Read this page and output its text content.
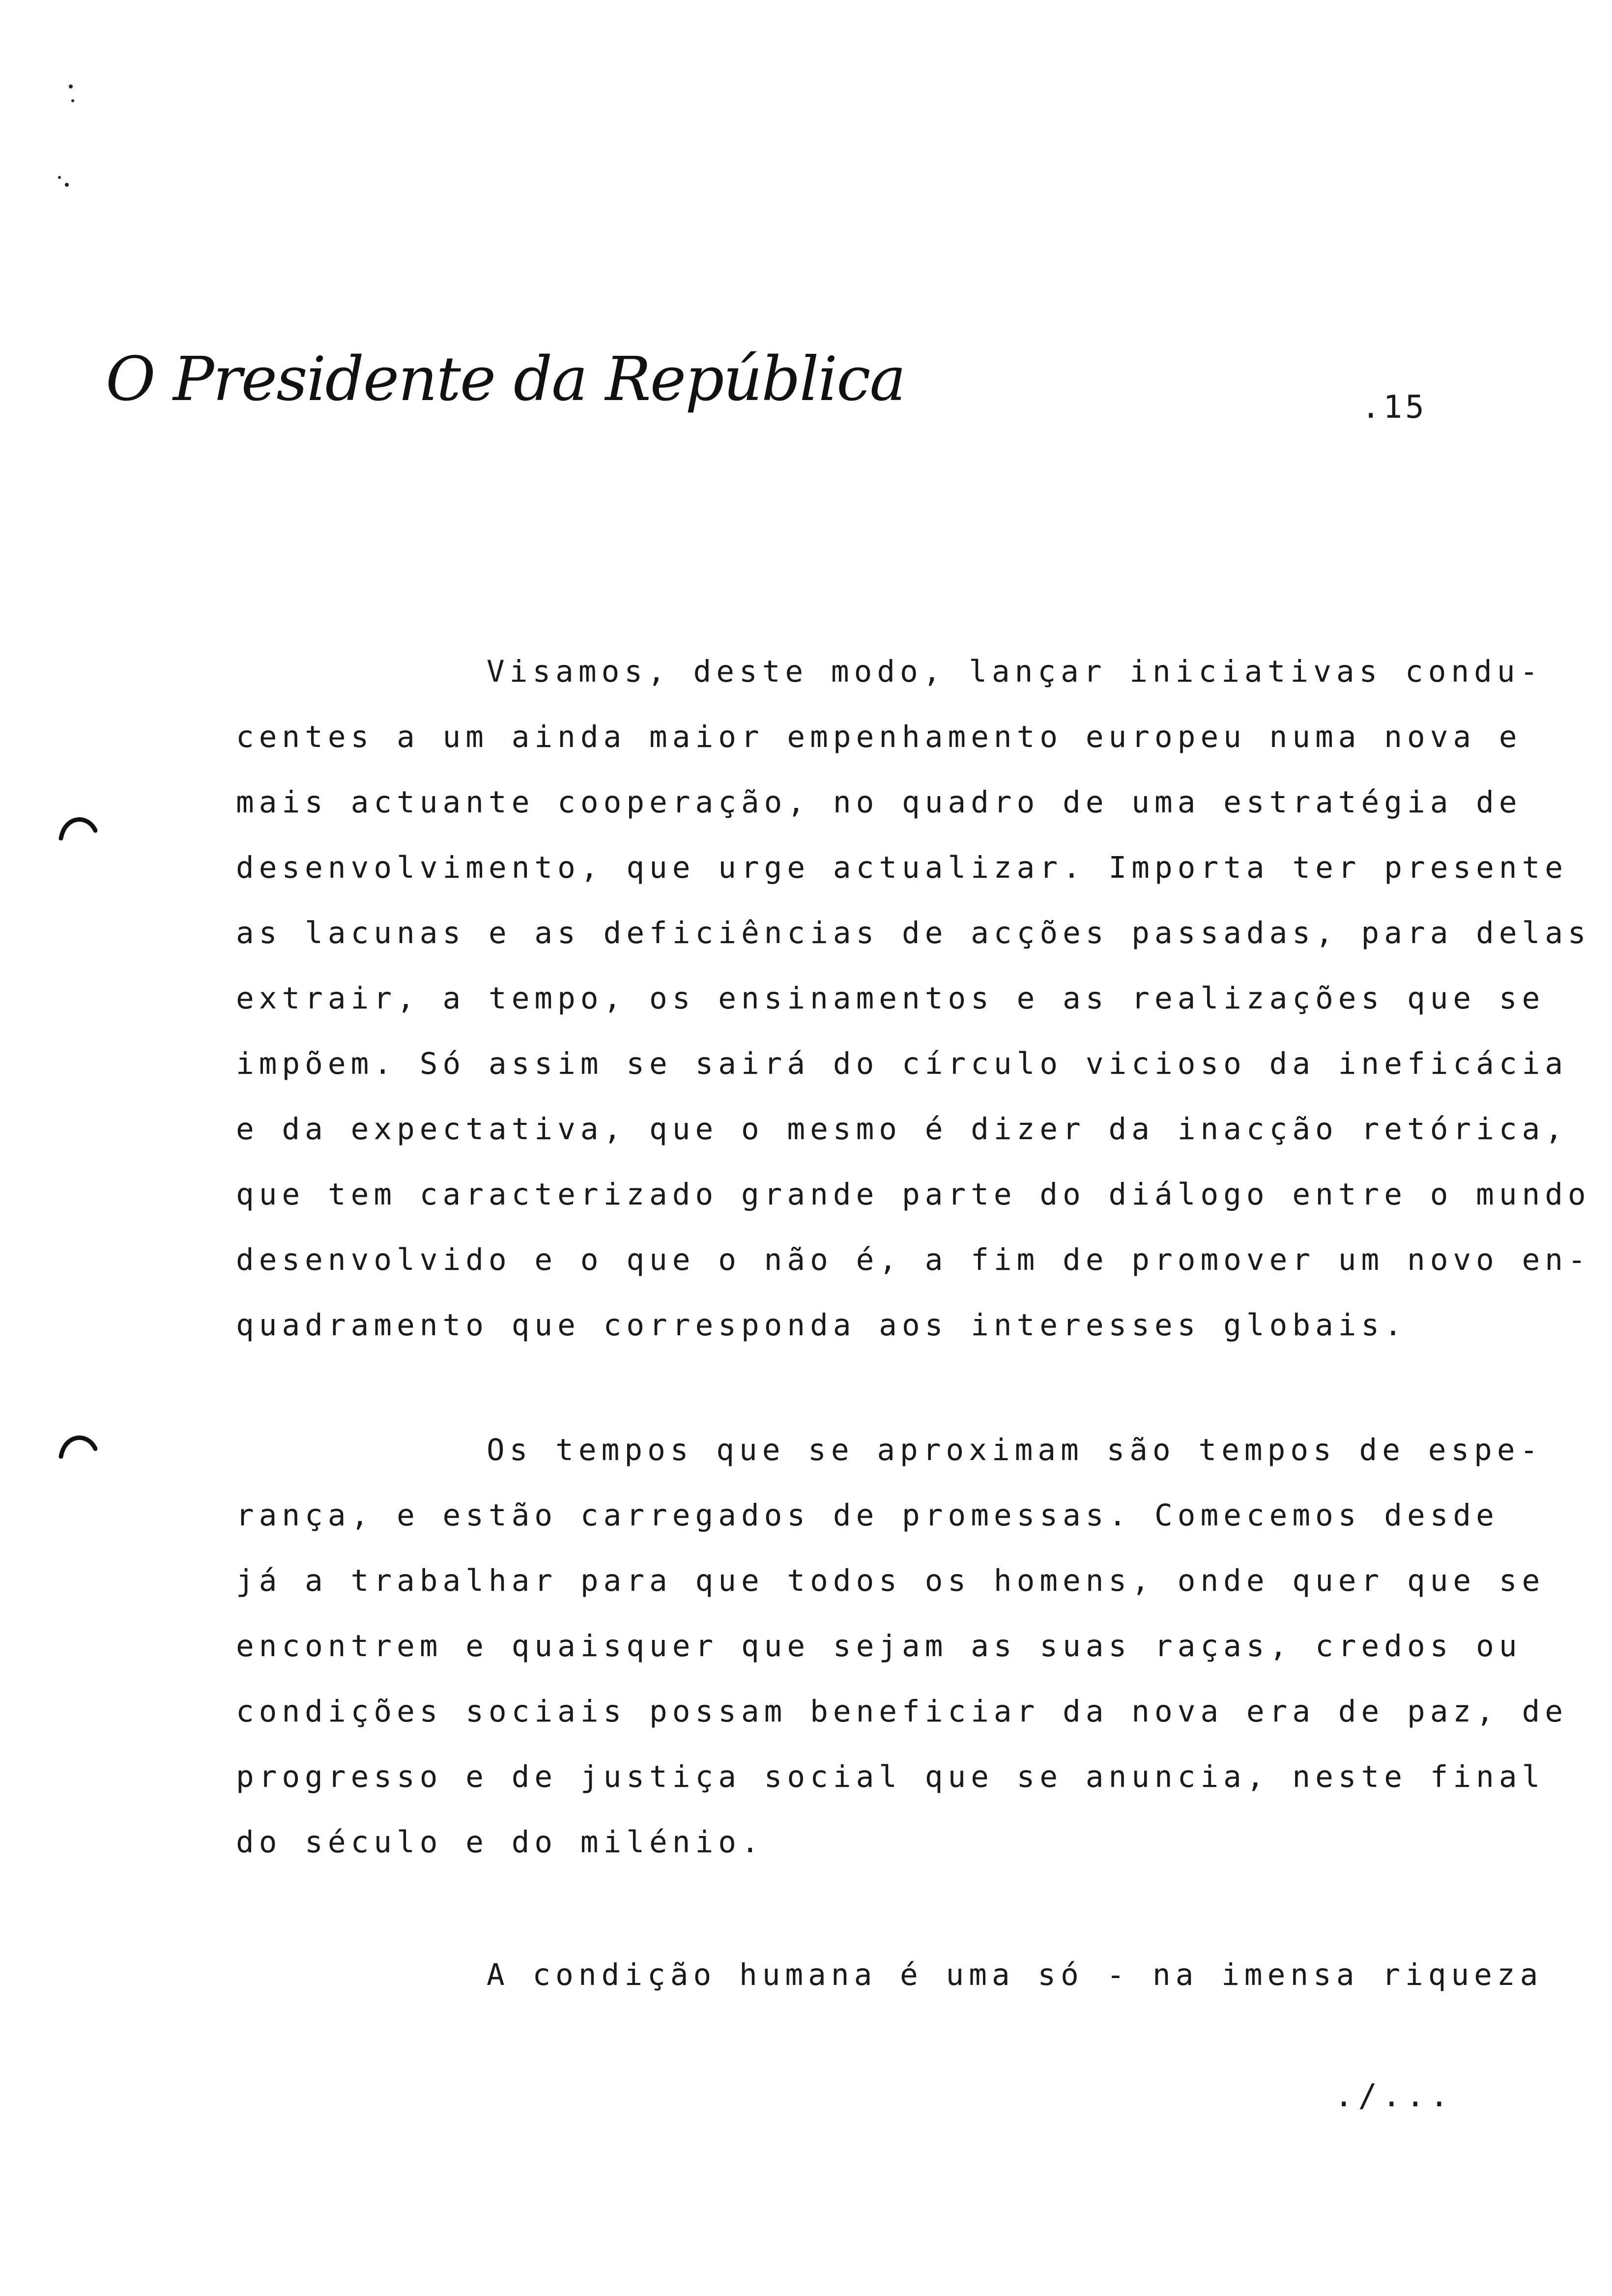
O Presidente da República	.15
Visamos, deste modo, lançar iniciativas condu-
centes a um ainda maior empenhamento europeu numa nova e
mais actuante cooperação, no quadro de uma estratégia de
desenvolvimento, que urge actualizar. Importa ter presente
as lacunas e as deficiências de acções passadas, para delas
extrair, a tempo, os ensinamentos e as realizações que se
impõem. Só assim se sairá do círculo vicioso da ineficácia
e da expectativa, que o mesmo é dizer da inacção retórica,
que tem caracterizado grande parte do diálogo entre o mundo
desenvolvido e o que o não é, a fim de promover um novo en-
quadramento que corresponda aos interesses globais.
Os tempos que se aproximam são tempos de espe-
rança, e estão carregados de promessas. Comecemos desde
já a trabalhar para que todos os homens, onde quer que se
encontrem e quaisquer que sejam as suas raças, credos ou
condições sociais possam beneficiar da nova era de paz, de
progresso e de justiça social que se anuncia, neste final
do século e do milénio.
A condição humana é uma só - na imensa riqueza
./...
